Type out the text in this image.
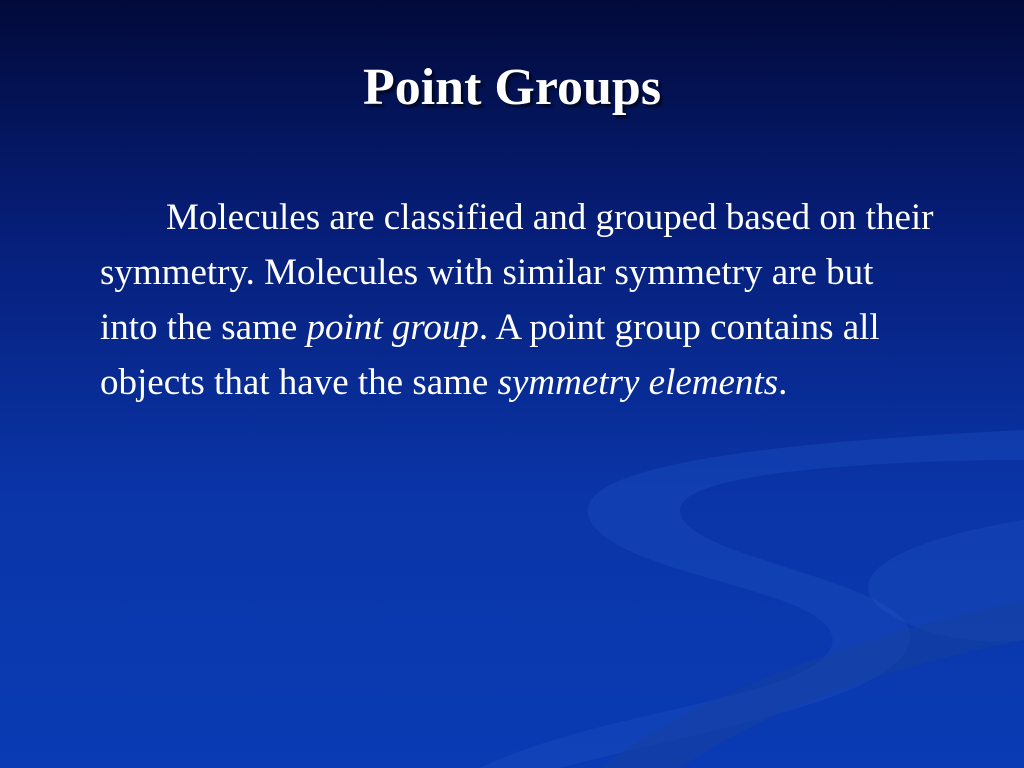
Point Groups
Molecules are classified and grouped based on their symmetry. Molecules with similar symmetry are but into the same point group. A point group contains all objects that have the same symmetry elements.
